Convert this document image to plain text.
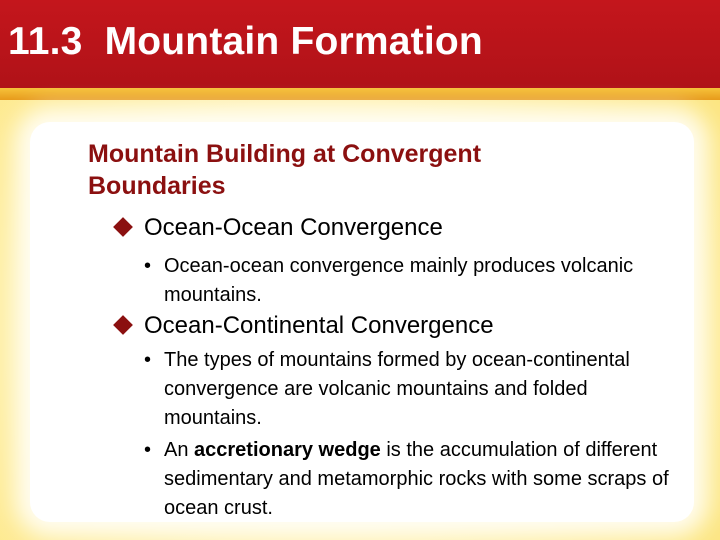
11.3 Mountain Formation
Mountain Building at Convergent Boundaries
Ocean-Ocean Convergence
• Ocean-ocean convergence mainly produces volcanic mountains.
Ocean-Continental Convergence
• The types of mountains formed by ocean-continental convergence are volcanic mountains and folded mountains.
• An accretionary wedge is the accumulation of different sedimentary and metamorphic rocks with some scraps of ocean crust.
